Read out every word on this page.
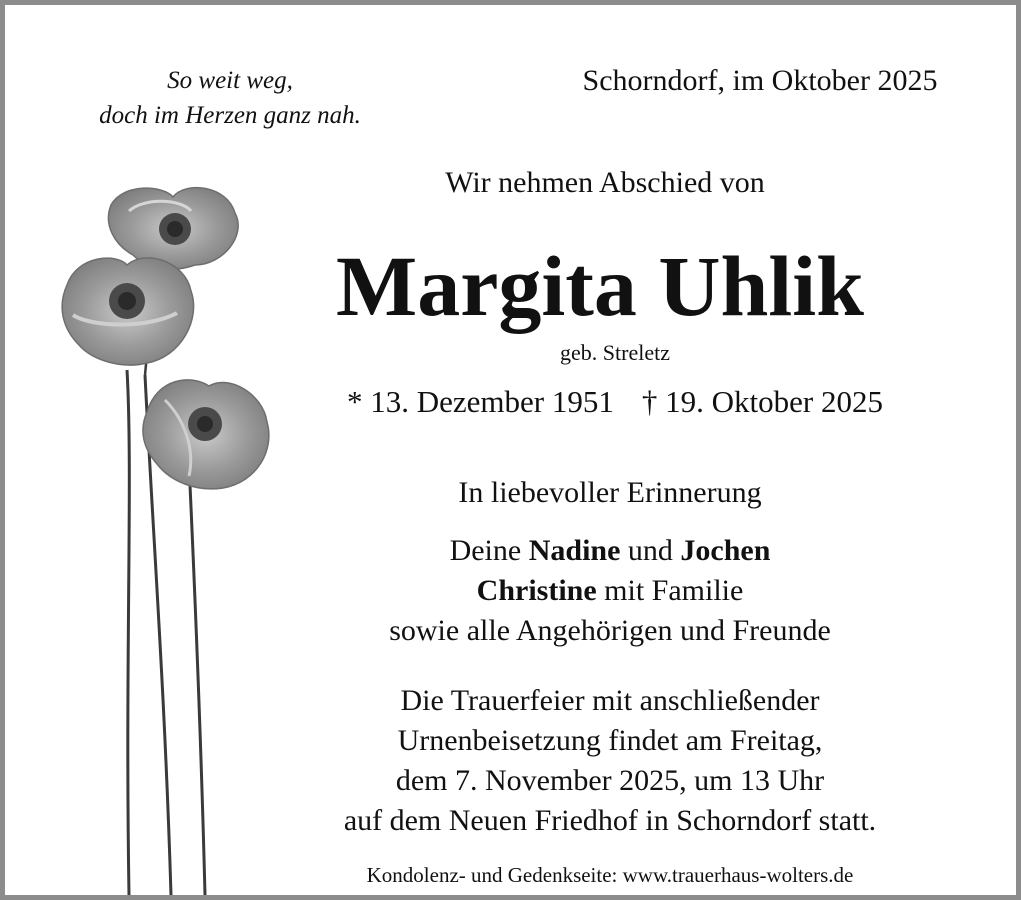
So weit weg,
doch im Herzen ganz nah.
Schorndorf, im Oktober 2025
Wir nehmen Abschied von
Margita Uhlik
geb. Streletz
* 13. Dezember 1951 † 19. Oktober 2025
In liebevoller Erinnerung
Deine Nadine und Jochen
Christine mit Familie
sowie alle Angehörigen und Freunde
Die Trauerfeier mit anschließender
Urnenbeisetzung findet am Freitag,
dem 7. November 2025, um 13 Uhr
auf dem Neuen Friedhof in Schorndorf statt.
Kondolenz- und Gedenkseite: www.trauerhaus-wolters.de
